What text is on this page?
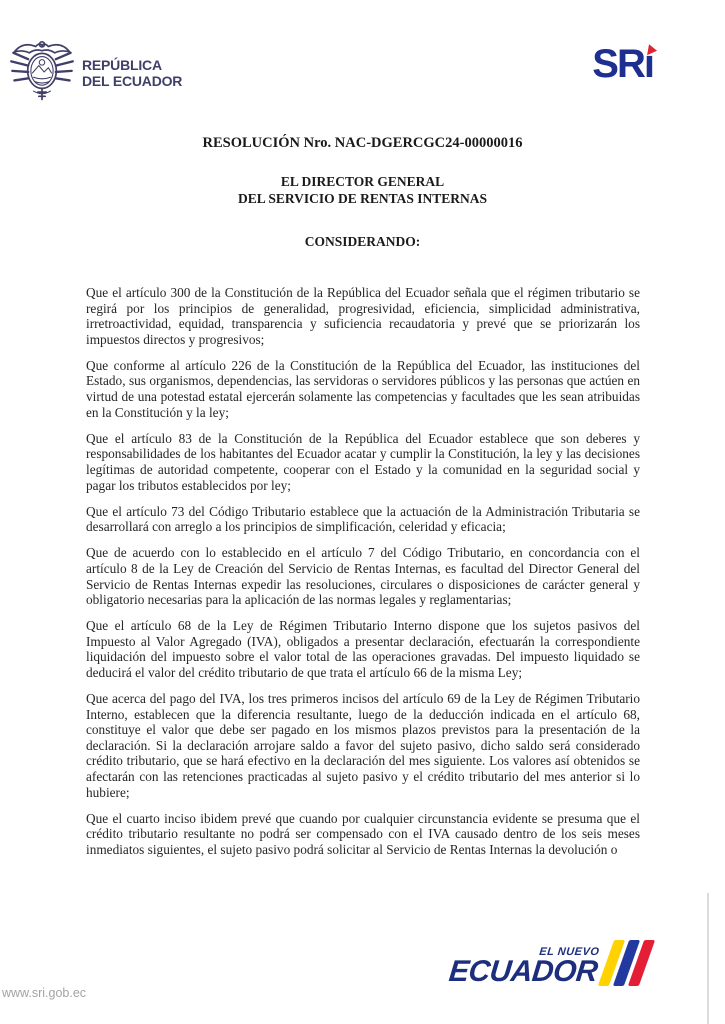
REPÚBLICA
DEL ECUADOR	SRı
RESOLUCIÓN Nro. NAC-DGERCGC24-00000016
EL DIRECTOR GENERAL
DEL SERVICIO DE RENTAS INTERNAS
CONSIDERANDO:

Que el artículo 300 de la Constitución de la República del Ecuador señala que el régimen tributario se regirá por los principios de generalidad, progresividad, eficiencia, simplicidad administrativa, irretroactividad, equidad, transparencia y suficiencia recaudatoria y prevé que se priorizarán los impuestos directos y progresivos;

Que conforme al artículo 226 de la Constitución de la República del Ecuador, las instituciones del Estado, sus organismos, dependencias, las servidoras o servidores públicos y las personas que actúen en virtud de una potestad estatal ejercerán solamente las competencias y facultades que les sean atribuidas en la Constitución y la ley;

Que el artículo 83 de la Constitución de la República del Ecuador establece que son deberes y responsabilidades de los habitantes del Ecuador acatar y cumplir la Constitución, la ley y las decisiones legítimas de autoridad competente, cooperar con el Estado y la comunidad en la seguridad social y pagar los tributos establecidos por ley;

Que el artículo 73 del Código Tributario establece que la actuación de la Administración Tributaria se desarrollará con arreglo a los principios de simplificación, celeridad y eficacia;

Que de acuerdo con lo establecido en el artículo 7 del Código Tributario, en concordancia con el artículo 8 de la Ley de Creación del Servicio de Rentas Internas, es facultad del Director General del Servicio de Rentas Internas expedir las resoluciones, circulares o disposiciones de carácter general y obligatorio necesarias para la aplicación de las normas legales y reglamentarias;

Que el artículo 68 de la Ley de Régimen Tributario Interno dispone que los sujetos pasivos del Impuesto al Valor Agregado (IVA), obligados a presentar declaración, efectuarán la correspondiente liquidación del impuesto sobre el valor total de las operaciones gravadas. Del impuesto liquidado se deducirá el valor del crédito tributario de que trata el artículo 66 de la misma Ley;

Que acerca del pago del IVA, los tres primeros incisos del artículo 69 de la Ley de Régimen Tributario Interno, establecen que la diferencia resultante, luego de la deducción indicada en el artículo 68, constituye el valor que debe ser pagado en los mismos plazos previstos para la presentación de la declaración. Si la declaración arrojare saldo a favor del sujeto pasivo, dicho saldo será considerado crédito tributario, que se hará efectivo en la declaración del mes siguiente. Los valores así obtenidos se afectarán con las retenciones practicadas al sujeto pasivo y el crédito tributario del mes anterior si lo hubiere;

Que el cuarto inciso ibidem prevé que cuando por cualquier circunstancia evidente se presuma que el crédito tributario resultante no podrá ser compensado con el IVA causado dentro de los seis meses inmediatos siguientes, el sujeto pasivo podrá solicitar al Servicio de Rentas Internas la devolución o

EL NUEVO
ECUADOR
www.sri.gob.ec
